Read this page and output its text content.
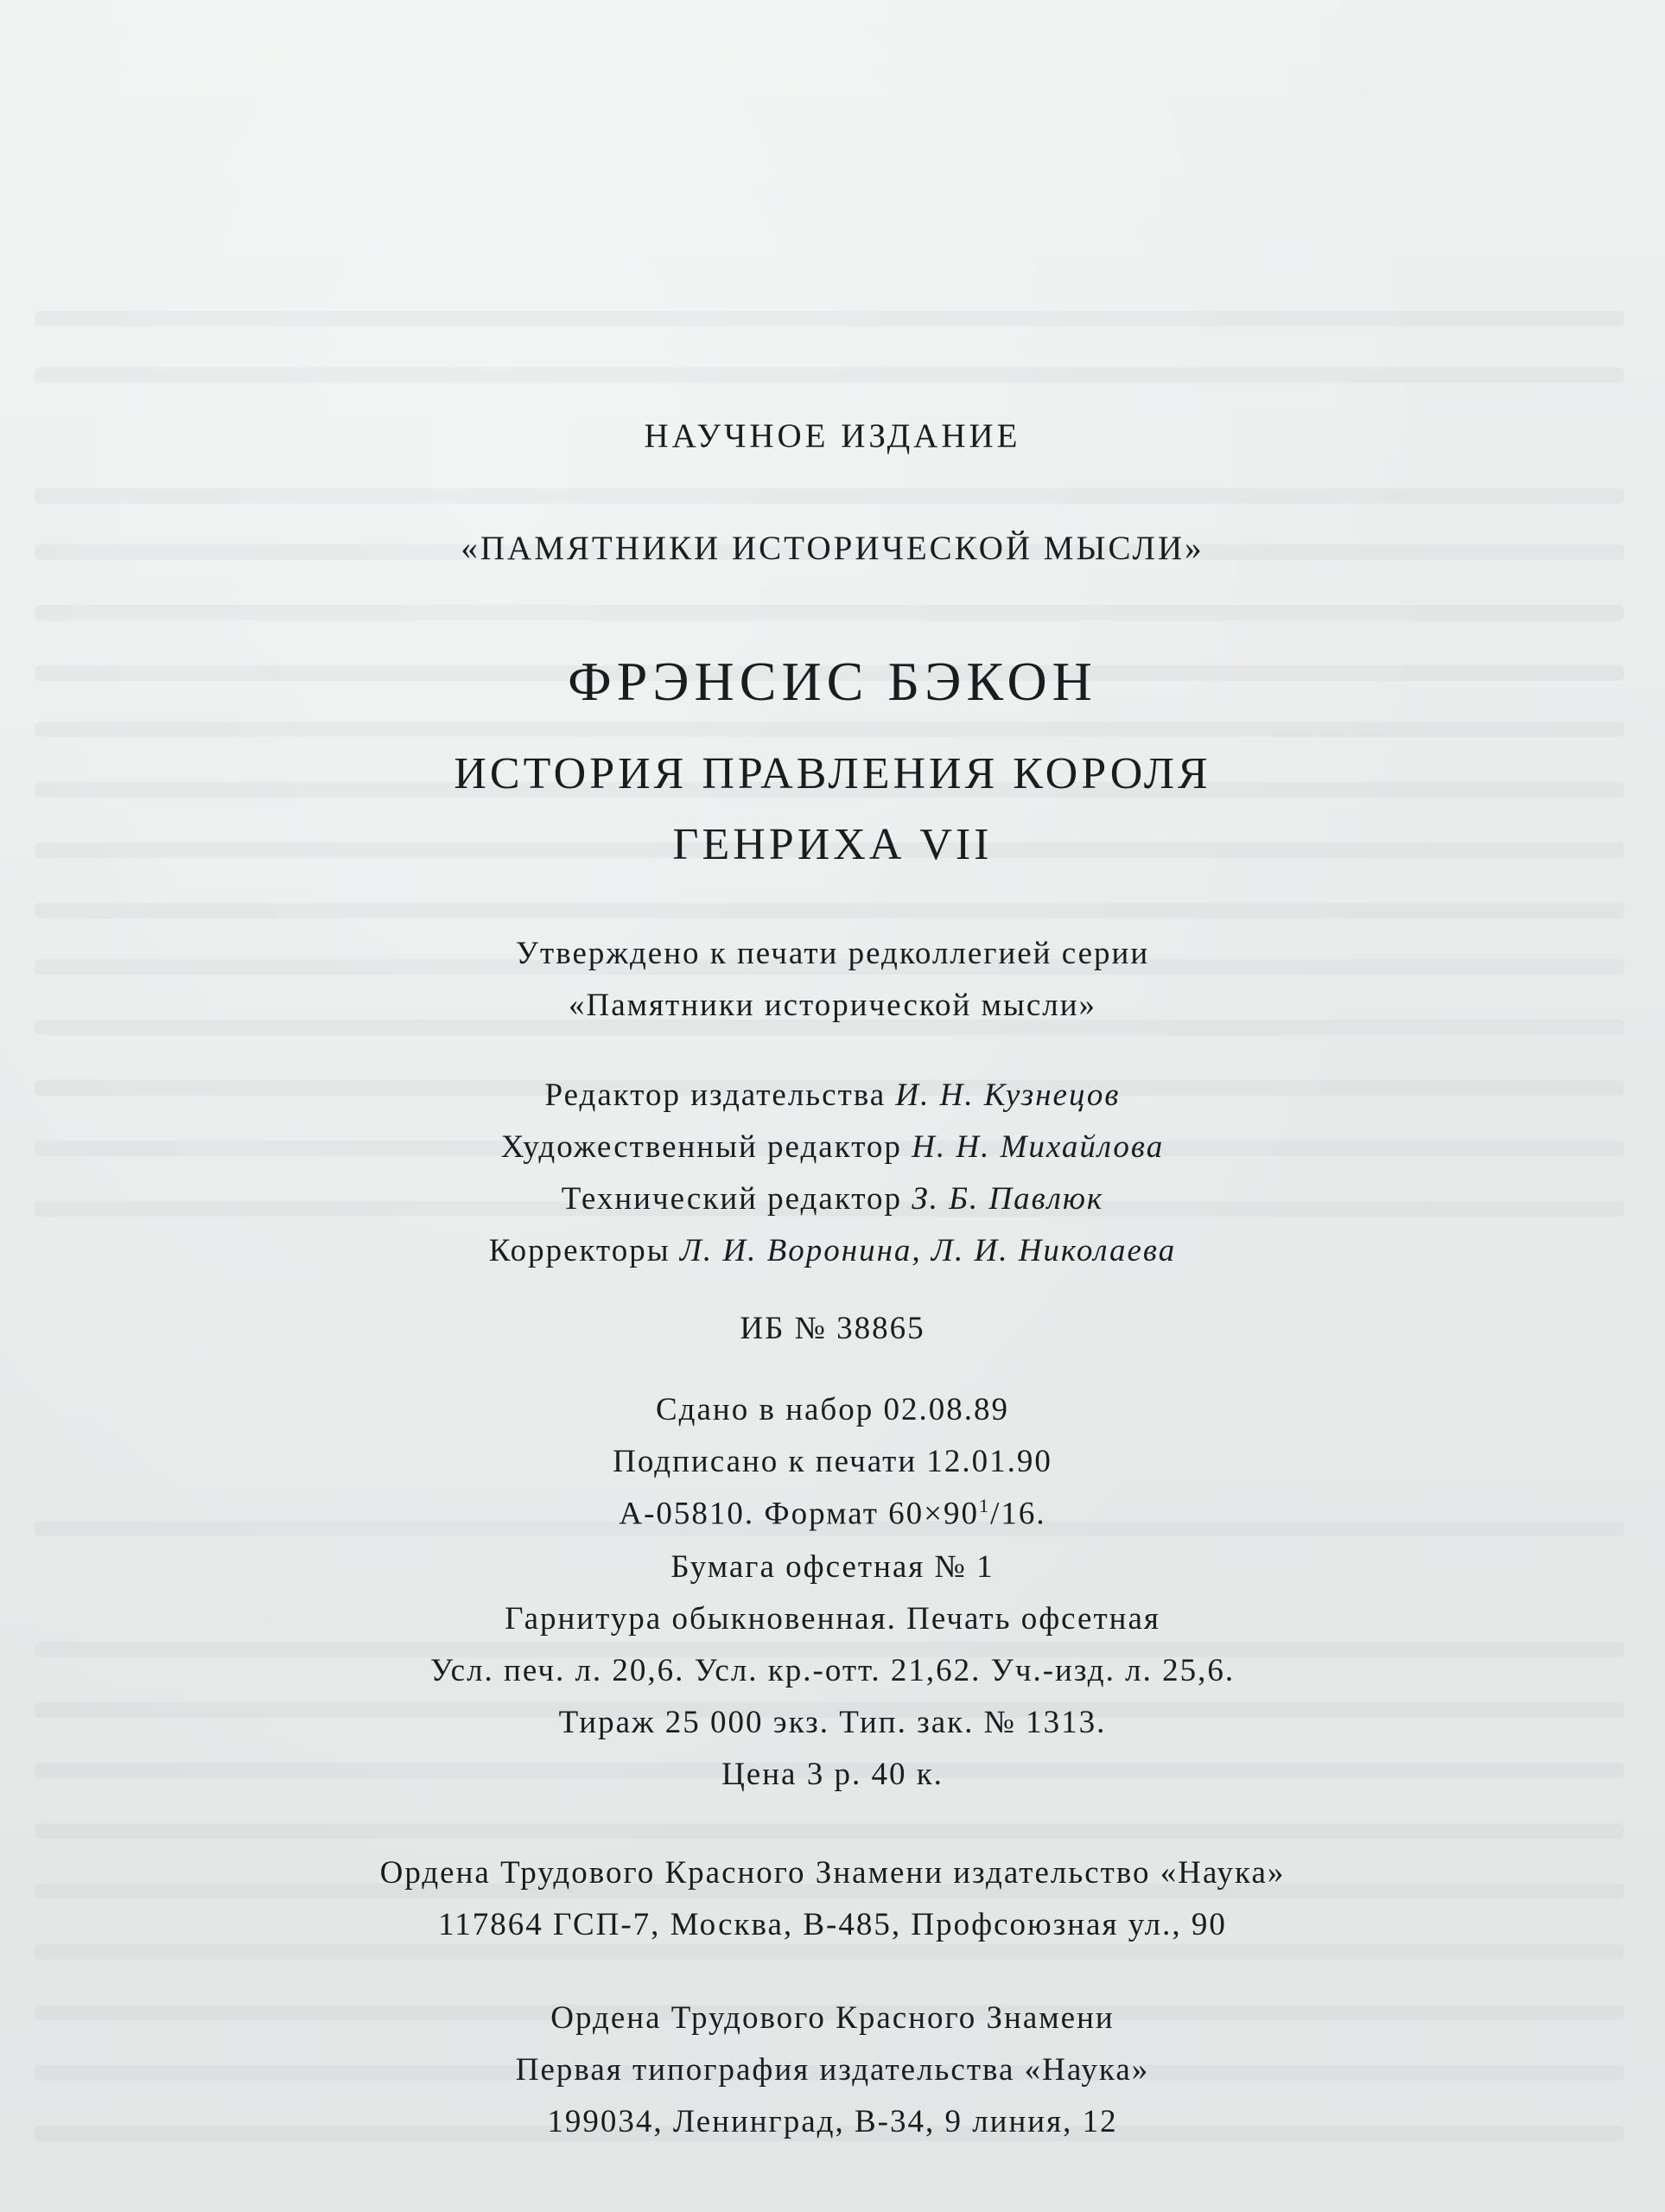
НАУЧНОЕ ИЗДАНИЕ
«ПАМЯТНИКИ ИСТОРИЧЕСКОЙ МЫСЛИ»
ФРЭНСИС БЭКОН
ИСТОРИЯ ПРАВЛЕНИЯ КОРОЛЯ
ГЕНРИХА VII
Утверждено к печати редколлегией серии
«Памятники исторической мысли»
Редактор издательства И. Н. Кузнецов
Художественный редактор Н. Н. Михайлова
Технический редактор З. Б. Павлюк
Корректоры Л. И. Воронина, Л. И. Николаева
ИБ № 38865
Сдано в набор 02.08.89
Подписано к печати 12.01.90
А-05810. Формат $60\times 90^1/16$.
Бумага офсетная № 1
Гарнитура обыкновенная. Печать офсетная
Усл. печ. л. 20,6. Усл. кр.-отт. 21,62. Уч.-изд. л. 25,6.
Тираж 25 000 экз. Тип. зак. № 1313.
Цена 3 р. 40 к.
Ордена Трудового Красного Знамени издательство «Наука»
117864 ГСП-7, Москва, В-485, Профсоюзная ул., 90
Ордена Трудового Красного Знамени
Первая типография издательства «Наука»
199034, Ленинград, В-34, 9 линия, 12
